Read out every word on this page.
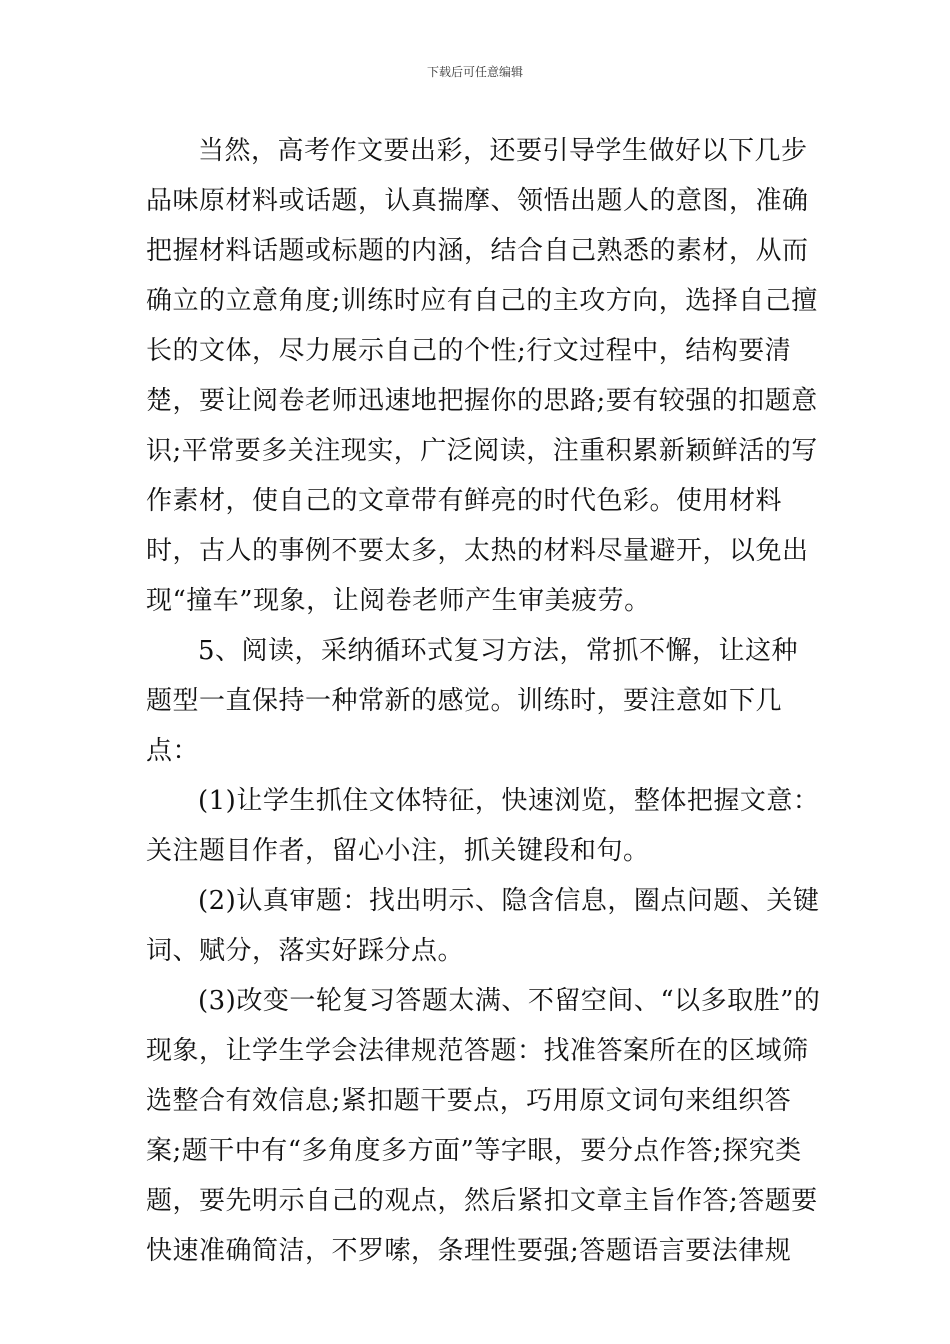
下载后可任意编辑

当然，高考作文要出彩，还要引导学生做好以下几步品味原材料或话题，认真揣摩、领悟出题人的意图，准确把握材料话题或标题的内涵，结合自己熟悉的素材，从而确立的立意角度;训练时应有自己的主攻方向，选择自己擅长的文体，尽力展示自己的个性;行文过程中，结构要清楚，要让阅卷老师迅速地把握你的思路;要有较强的扣题意识;平常要多关注现实，广泛阅读，注重积累新颖鲜活的写作素材，使自己的文章带有鲜亮的时代色彩。使用材料时，古人的事例不要太多，太热的材料尽量避开，以免出现“撞车”现象，让阅卷老师产生审美疲劳。

5、阅读，采纳循环式复习方法，常抓不懈，让这种题型一直保持一种常新的感觉。训练时，要注意如下几点：

(1)让学生抓住文体特征，快速浏览，整体把握文意：关注题目作者，留心小注，抓关键段和句。

(2)认真审题：找出明示、隐含信息，圈点问题、关键词、赋分，落实好踩分点。

(3)改变一轮复习答题太满、不留空间、“以多取胜”的现象，让学生学会法律规范答题：找准答案所在的区域筛选整合有效信息;紧扣题干要点，巧用原文词句来组织答案;题干中有“多角度多方面”等字眼，要分点作答;探究类题，要先明示自己的观点，然后紧扣文章主旨作答;答题要快速准确简洁，不罗嗦，条理性要强;答题语言要法律规
